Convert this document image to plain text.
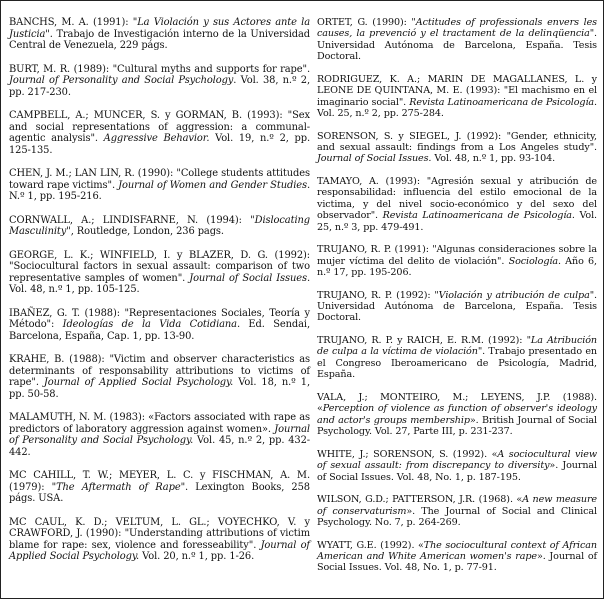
BANCHS, M. A. (1991): "La Violación y sus Actores ante la Justicia". Trabajo de Investigación interno de la Universidad Central de Venezuela, 229 págs.

BURT, M. R. (1989): "Cultural myths and supports for rape". Journal of Personality and Social Psychology. Vol. 38, n.º 2, pp. 217-230.

CAMPBELL, A.; MUNCER, S. y GORMAN, B. (1993): "Sex and social representations of aggression: a communal-agentic analysis". Aggressive Behavior. Vol. 19, n.º 2, pp. 125-135.

CHEN, J. M.; LAN LIN, R. (1990): "College students attitudes toward rape victims". Journal of Women and Gender Studies. N.º 1, pp. 195-216.

CORNWALL, A.; LINDISFARNE, N. (1994): "Dislocating Masculinity", Routledge, London, 236 pags.

GEORGE, L. K.; WINFIELD, I. y BLAZER, D. G. (1992): "Sociocultural factors in sexual assault: comparison of two representative samples of women". Journal of Social Issues. Vol. 48, n.º 1, pp. 105-125.

IBAÑEZ, G. T. (1988): "Representaciones Sociales, Teoría y Método": Ideologías de la Vida Cotidiana. Ed. Sendai, Barcelona, España, Cap. 1, pp. 13-90.

KRAHE, B. (1988): "Victim and observer characteristics as determinants of responsability attributions to victims of rape". Journal of Applied Social Psychology. Vol. 18, n.º 1, pp. 50-58.

MALAMUTH, N. M. (1983): «Factors associated with rape as predictors of laboratory aggression against women». Journal of Personality and Social Psychology. Vol. 45, n.º 2, pp. 432-442.

MC CAHILL, T. W.; MEYER, L. C. y FISCHMAN, A. M. (1979): "The Aftermath of Rape". Lexington Books, 258 págs. USA.

MC CAUL, K. D.; VELTUM, L. GL.; VOYECHKO, V. y CRAWFORD, J. (1990): "Understanding attributions of victim blame for rape: sex, violence and foresseability". Journal of Applied Social Psychology. Vol. 20, n.º 1, pp. 1-26.

ORTET, G. (1990): "Actitudes of professionals envers les causes, la prevenció y el tractament de la delinqüencia". Universidad Autónoma de Barcelona, España. Tesis Doctoral.

RODRIGUEZ, K. A.; MARIN DE MAGALLANES, L. y LEONE DE QUINTANA, M. E. (1993): "El machismo en el imaginario social". Revista Latinoamericana de Psicología. Vol. 25, n.º 2, pp. 275-284.

SORENSON, S. y SIEGEL, J. (1992): "Gender, ethnicity, and sexual assault: findings from a Los Angeles study". Journal of Social Issues. Vol. 48, n.º 1, pp. 93-104.

TAMAYO, A. (1993): "Agresión sexual y atribución de responsabilidad: influencia del estilo emocional de la victima, y del nivel socio-económico y del sexo del observador". Revista Latinoamericana de Psicología. Vol. 25, n.º 3, pp. 479-491.

TRUJANO, R. P. (1991): "Algunas consideraciones sobre la mujer víctima del delito de violación". Sociología. Año 6, n.º 17, pp. 195-206.

TRUJANO, R. P. (1992): "Violación y atribución de culpa". Universidad Autónoma de Barcelona, España. Tesis Doctoral.

TRUJANO, R. P. y RAICH, E. R.M. (1992): "La Atribución de culpa a la víctima de violación". Trabajo presentado en el Congreso Iberoamericano de Psicología, Madrid, España.

VALA, J.; MONTEIRO, M.; LEYENS, J.P. (1988). «Perception of violence as function of observer's ideology and actor's groups membership». British Journal of Social Psychology. Vol. 27, Parte III, p. 231-237.

WHITE, J.; SORENSON, S. (1992). «A sociocultural view of sexual assault: from discrepancy to diversity». Journal of Social Issues. Vol. 48, No. 1, p. 187-195.

WILSON, G.D.; PATTERSON, J.R. (1968). «A new measure of conservaturism». The Journal of Social and Clinical Psychology. No. 7, p. 264-269.

WYATT, G.E. (1992). «The sociocultural context of African American and White American women's rape». Journal of Social Issues. Vol. 48, No. 1, p. 77-91.
